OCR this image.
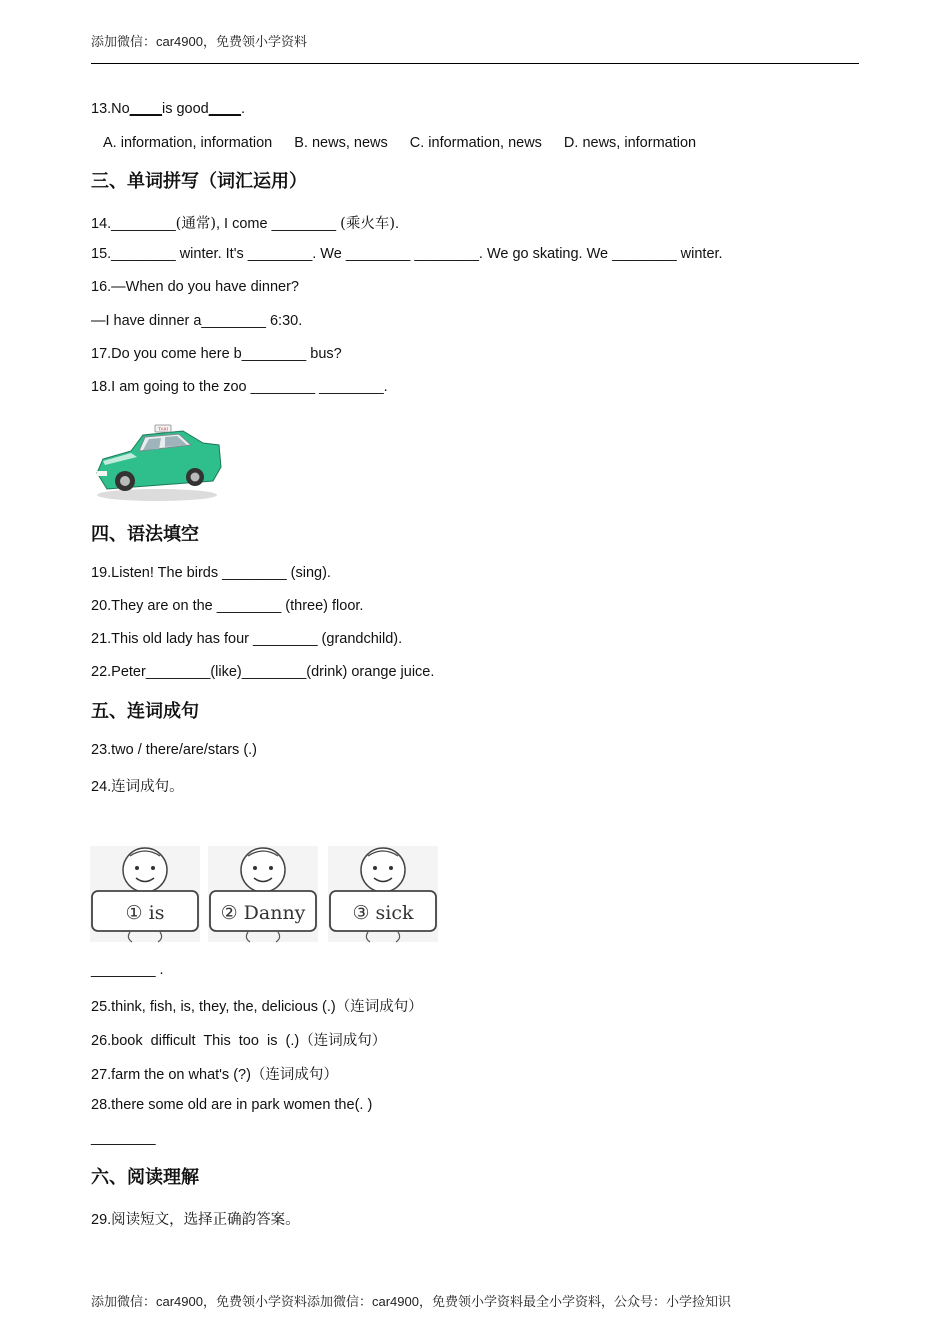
添加微信：car4900，免费领小学资料
13.No____is good____.
A. information, information B. news, news C. information, news D. news, information
三、单词拼写（词汇运用）
14.________(通常), I come ________ (乘火车).
15.________ winter. It's ________. We ________ ________. We go skating. We ________ winter.
16.—When do you have dinner?
—I have dinner a________ 6:30.
17.Do you come here b________ bus?
18.I am going to the zoo ________ ________.
TAXI
四、语法填空
19.Listen! The birds ________ (sing).
20.They are on the ________ (three) floor.
21.This old lady has four ________ (grandchild).
22.Peter________(like)________(drink) orange juice.
五、连词成句
23.two / there/are/stars (.)
24.连词成句。
① is	② Danny ③ sick
________ .
25.think, fish, is, they, the, delicious (.)（连词成句）
26.book  difficult  This  too  is  (.)（连词成句）
27.farm the on what's (?)（连词成句）
28.there some old are in park women the(. )
________
六、阅读理解
29.阅读短文，选择正确韵答案。
添加微信：car4900，免费领小学资料添加微信：car4900，免费领小学资料最全小学资料，公众号：小学捡知识
